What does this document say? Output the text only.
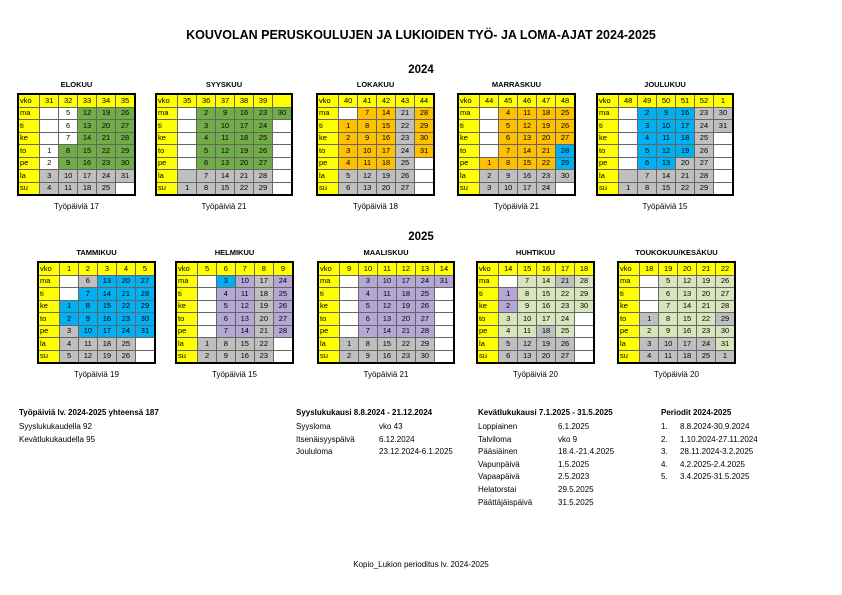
KOUVOLAN PERUSKOULUJEN JA LUKIOIDEN TYÖ- JA LOMA-AJAT 2024-2025
2024
2025
ELOKUU
vko	31	32	33	34	35
ma		5	12	19	26
ti		6	13	20	27
ke		7	14	21	28
to	1	8	15	22	29
pe	2	9	16	23	30
la	3	10	17	24	31
su	4	11	18	25	
Työpäiviä 17
SYYSKUU
vko	35	36	37	38	39	
ma		2	9	16	23	30
ti		3	10	17	24	
ke		4	11	18	25	
to		5	12	19	26	
pe		6	13	20	27	
la		7	14	21	28	
su	1	8	15	22	29	
Työpäiviä 21
LOKAKUU
vko	40	41	42	43	44
ma		7	14	21	28
ti	1	8	15	22	29
ke	2	9	16	23	30
to	3	10	17	24	31
pe	4	11	18	25	
la	5	12	19	26	
su	6	13	20	27	
Työpäiviä 18
MARRASKUU
vko	44	45	46	47	48
ma		4	11	18	25
ti		5	12	19	26
ke		6	13	20	27
to		7	14	21	28
pe	1	8	15	22	29
la	2	9	16	23	30
su	3	10	17	24	
Työpäiviä 21
JOULUKUU
vko	48	49	50	51	52	1
ma		2	9	16	23	30
ti		3	10	17	24	31
ke		4	11	18	25	
to		5	12	19	26	
pe		6	13	20	27	
la		7	14	21	28	
su	1	8	15	22	29	
Työpäiviä 15
TAMMIKUU
vko	1	2	3	4	5
ma		6	13	20	27
ti		7	14	21	28
ke	1	8	15	22	29
to	2	9	16	23	30
pe	3	10	17	24	31
la	4	11	18	25	
su	5	12	19	26	
Työpäiviä 19
HELMIKUU
vko	5	6	7	8	9
ma		3	10	17	24
ti		4	11	18	25
ke		5	12	19	26
to		6	13	20	27
pe		7	14	21	28
la	1	8	15	22	
su	2	9	16	23	
Työpäiviä 15
MAALISKUU
vko	9	10	11	12	13	14
ma		3	10	17	24	31
ti		4	11	18	25	
ke		5	12	19	26	
to		6	13	20	27	
pe		7	14	21	28	
la	1	8	15	22	29	
su	2	9	16	23	30	
Työpäiviä 21
HUHTIKUU
vko	14	15	16	17	18
ma		7	14	21	28
ti	1	8	15	22	29
ke	2	9	16	23	30
to	3	10	17	24	
pe	4	11	18	25	
la	5	12	19	26	
su	6	13	20	27	
Työpäiviä 20
TOUKOKUU/KESÄKUU
vko	18	19	20	21	22
ma		5	12	19	26
ti		6	13	20	27
ke		7	14	21	28
to	1	8	15	22	29
pe	2	9	16	23	30
la	3	10	17	24	31
su	4	11	18	25	1
Työpäiviä 20
Työpäiviä lv. 2024-2025 yhteensä 187
Syyslukukaudella 92
Kevätlukukaudella 95
Syyslukukausi 8.8.2024 - 21.12.2024
Syysloma	vko 43
Itsenäisyyspäivä	6.12.2024
Joululoma	23.12.2024-6.1.2025
Kevätlukukausi 7.1.2025 - 31.5.2025
Loppiainen	6.1.2025
Talviloma	vko 9
Pääsiäinen	18.4.-21.4.2025
Vapunpäivä	1.5.2025
Vapaapäivä	2.5.2023
Helatorstai	29.5.2025
Päättäjäispäivä	31.5.2025
Periodit 2024-2025
1. 8.8.2024-30.9.2024
2. 1.10.2024-27.11.2024
3. 28.11.2024-3.2.2025
4. 4.2.2025-2.4.2025
5. 3.4.2025-31.5.2025
Kopio_Lukion perioditus lv. 2024-2025
